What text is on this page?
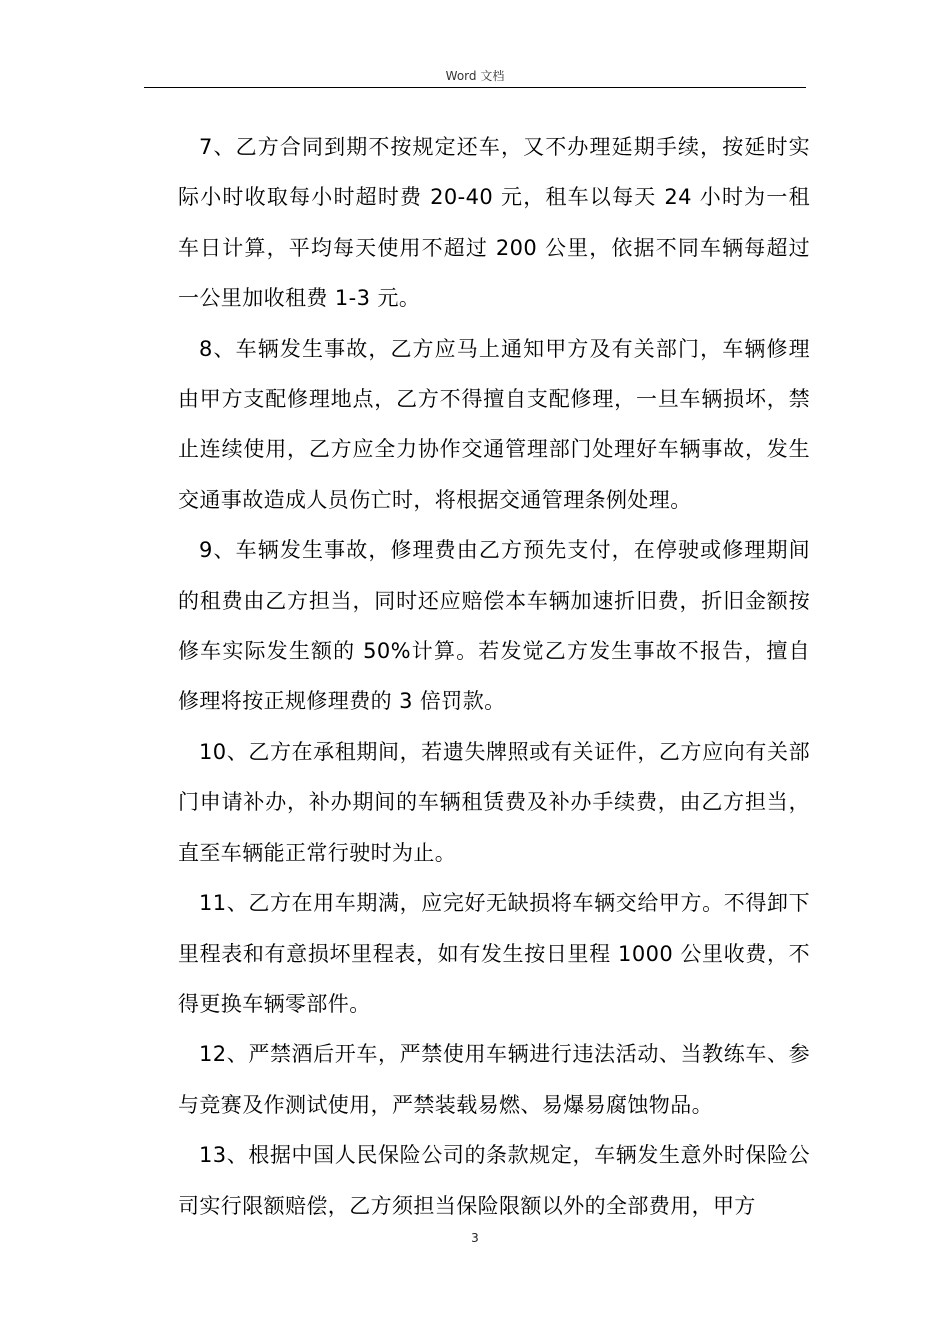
Word 文档

7、乙方合同到期不按规定还车，又不办理延期手续，按延时实际小时收取每小时超时费 20-40 元，租车以每天 24 小时为一租车日计算，平均每天使用不超过 200 公里，依据不同车辆每超过一公里加收租费 1-3 元。

8、车辆发生事故，乙方应马上通知甲方及有关部门，车辆修理由甲方支配修理地点，乙方不得擅自支配修理，一旦车辆损坏，禁止连续使用，乙方应全力协作交通管理部门处理好车辆事故，发生交通事故造成人员伤亡时，将根据交通管理条例处理。

9、车辆发生事故，修理费由乙方预先支付，在停驶或修理期间的租费由乙方担当，同时还应赔偿本车辆加速折旧费，折旧金额按修车实际发生额的 50%计算。若发觉乙方发生事故不报告，擅自修理将按正规修理费的 3 倍罚款。

10、乙方在承租期间，若遗失牌照或有关证件，乙方应向有关部门申请补办，补办期间的车辆租赁费及补办手续费，由乙方担当，直至车辆能正常行驶时为止。

11、乙方在用车期满，应完好无缺损将车辆交给甲方。不得卸下里程表和有意损坏里程表，如有发生按日里程 1000 公里收费，不得更换车辆零部件。

12、严禁酒后开车，严禁使用车辆进行违法活动、当教练车、参与竞赛及作测试使用，严禁装载易燃、易爆易腐蚀物品。

13、根据中国人民保险公司的条款规定，车辆发生意外时保险公司实行限额赔偿，乙方须担当保险限额以外的全部费用，甲方

3
